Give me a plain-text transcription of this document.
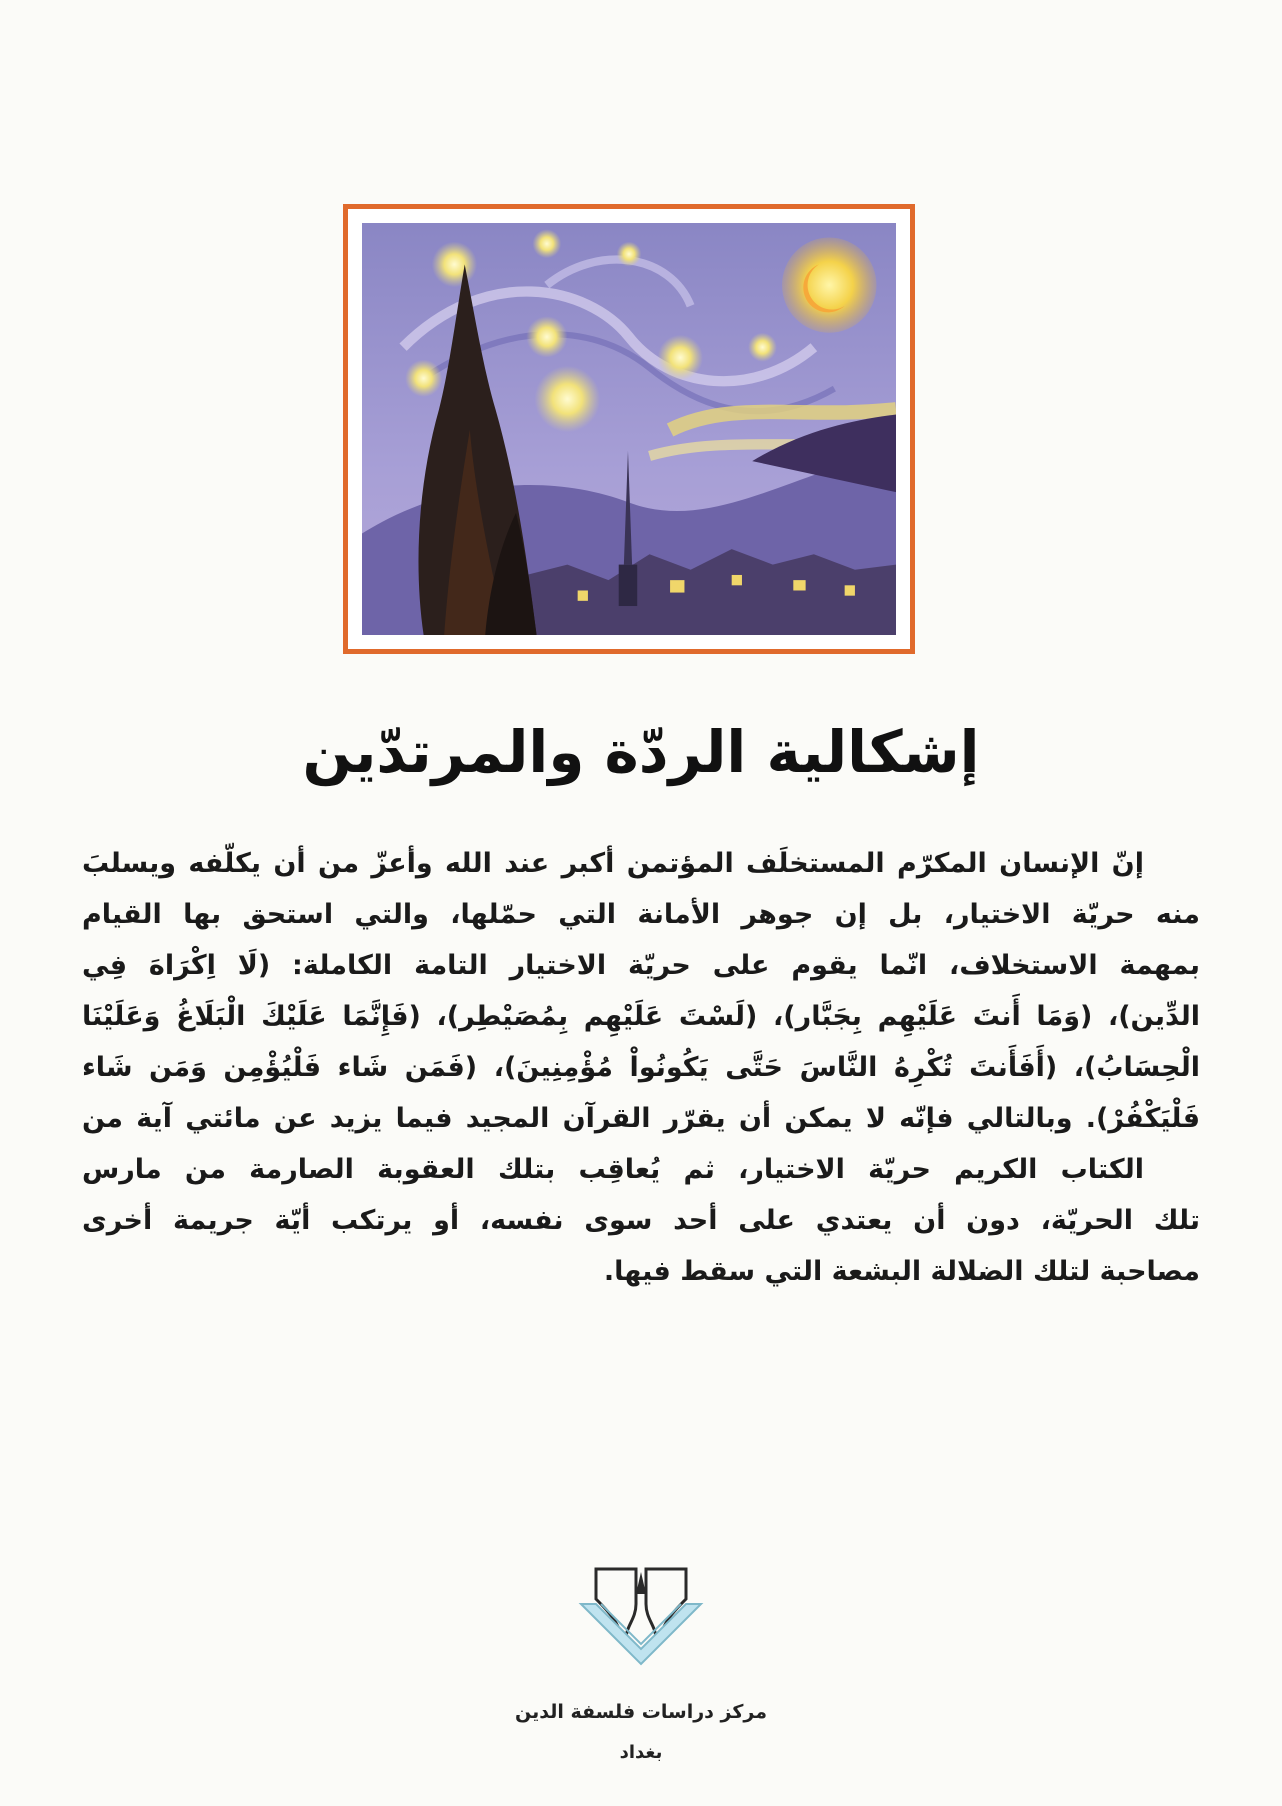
إشكالية الردّة والمرتدّين
إنّ الإنسان المكرّم المستخلَف المؤتمن أكبر عند الله وأعزّ من أن يكلّفه ويسلبَ
منه حريّة الاختيار، بل إن جوهر الأمانة التي حمّلها، والتي استحق بها القيام
بمهمة الاستخلاف، انّما يقوم على حريّة الاختيار التامة الكاملة: (لَا اِكْرَاهَ فِي
الدِّين)، (وَمَا أَنتَ عَلَيْهِم بِجَبَّار)، (لَسْتَ عَلَيْهِم بِمُصَيْطِر)، (فَإِنَّمَا عَلَيْكَ الْبَلَاغُ وَعَلَيْنَا
الْحِسَابُ)، (أَفَأَنتَ تُكْرِهُ النَّاسَ حَتَّى يَكُونُواْ مُؤْمِنِينَ)، (فَمَن شَاء فَلْيُؤْمِن وَمَن شَاء
فَلْيَكْفُرْ). وبالتالي فإنّه لا يمكن أن يقرّر القرآن المجيد فيما يزيد عن مائتي آية من
الكتاب الكريم حريّة الاختيار، ثم يُعاقِب بتلك العقوبة الصارمة من مارس
تلك الحريّة، دون أن يعتدي على أحد سوى نفسه، أو يرتكب أيّة جريمة أخرى
مصاحبة لتلك الضلالة البشعة التي سقط فيها.
مركز دراسات فلسفة الدين
بغداد
